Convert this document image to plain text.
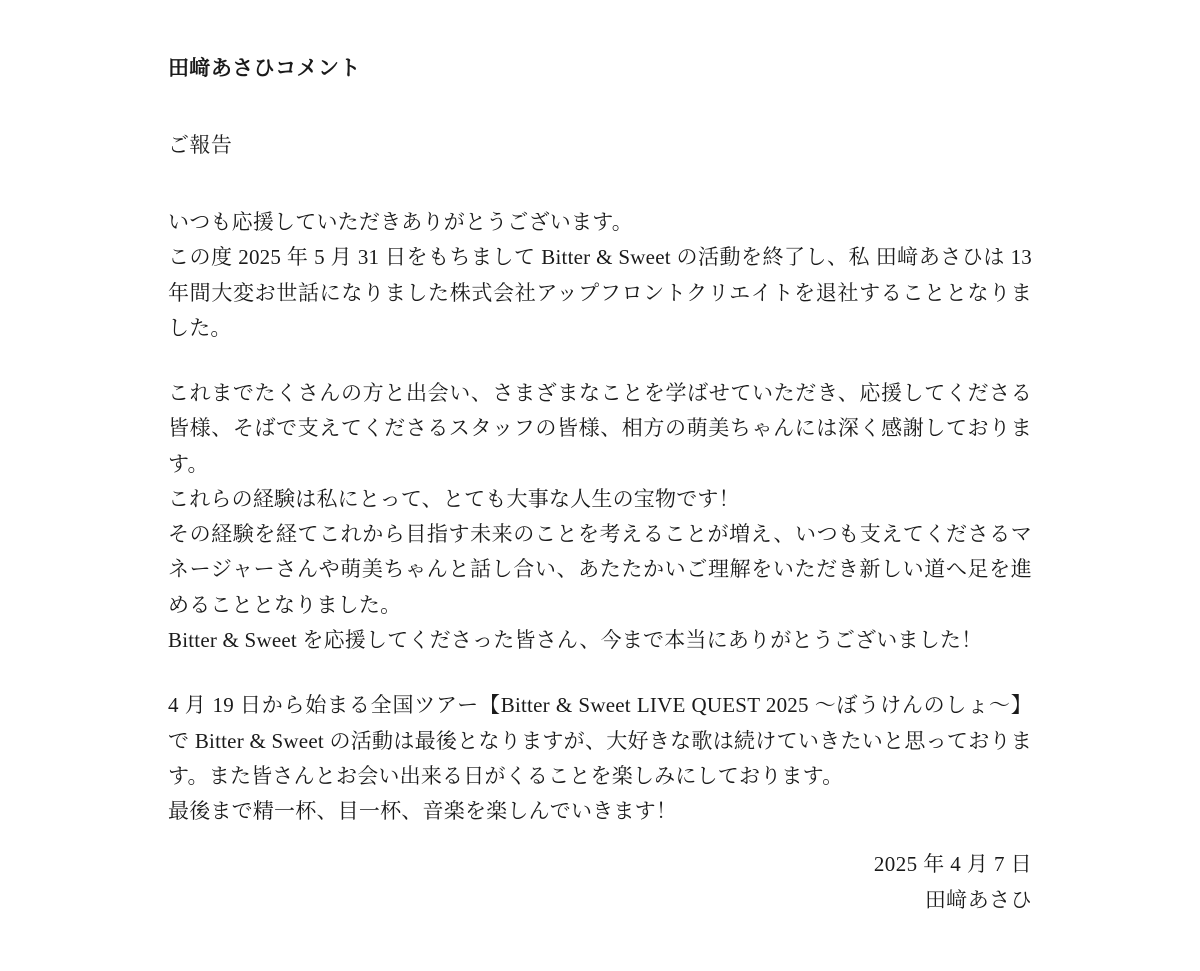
田﨑あさひコメント
ご報告

いつも応援していただきありがとうございます。
この度 2025 年 5 月 31 日をもちまして Bitter & Sweet の活動を終了し、私 田﨑あさひは 13 年間大変お世話になりました株式会社アップフロントクリエイトを退社することとなりました。

これまでたくさんの方と出会い、さまざまなことを学ばせていただき、応援してくださる皆様、そばで支えてくださるスタッフの皆様、相方の萌美ちゃんには深く感謝しております。
これらの経験は私にとって、とても大事な人生の宝物です！
その経験を経てこれから目指す未来のことを考えることが増え、いつも支えてくださるマネージャーさんや萌美ちゃんと話し合い、あたたかいご理解をいただき新しい道へ足を進めることとなりました。
Bitter & Sweet を応援してくださった皆さん、今まで本当にありがとうございました！

4 月 19 日から始まる全国ツアー【Bitter & Sweet LIVE QUEST 2025 〜ぼうけんのしょ〜】で Bitter & Sweet の活動は最後となりますが、大好きな歌は続けていきたいと思っております。また皆さんとお会い出来る日がくることを楽しみにしております。
最後まで精一杯、目一杯、音楽を楽しんでいきます！

2025 年 4 月 7 日
田﨑あさひ
